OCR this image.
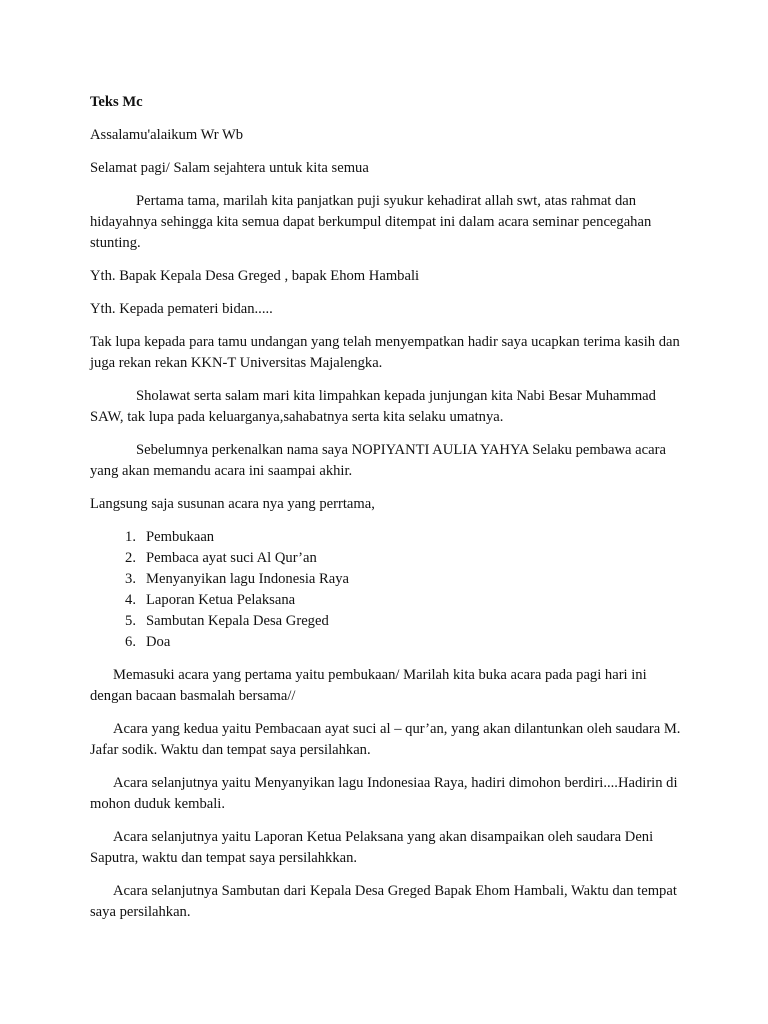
Teks Mc

Assalamu'alaikum Wr Wb

Selamat pagi/ Salam sejahtera untuk kita semua

Pertama tama, marilah kita panjatkan puji syukur kehadirat allah swt, atas rahmat dan hidayahnya sehingga kita semua dapat berkumpul ditempat ini dalam acara seminar pencegahan stunting.

Yth. Bapak Kepala Desa Greged , bapak Ehom Hambali

Yth. Kepada pemateri bidan.....

Tak lupa kepada para tamu undangan yang telah menyempatkan hadir saya ucapkan terima kasih dan juga rekan rekan KKN-T Universitas Majalengka.

Sholawat serta salam mari kita limpahkan kepada junjungan kita Nabi Besar Muhammad SAW, tak lupa pada keluarganya,sahabatnya serta kita selaku umatnya.

Sebelumnya perkenalkan nama saya NOPIYANTI AULIA YAHYA Selaku pembawa acara yang akan memandu acara ini saampai akhir.

Langsung saja susunan acara nya yang perrtama,

1. Pembukaan
2. Pembaca ayat suci Al Qur’an
3. Menyanyikan lagu Indonesia Raya
4. Laporan Ketua Pelaksana
5. Sambutan Kepala Desa Greged
6. Doa

Memasuki acara yang pertama yaitu pembukaan/ Marilah kita buka acara pada pagi hari ini dengan bacaan basmalah bersama//

Acara yang kedua yaitu Pembacaan ayat suci al – qur’an, yang akan dilantunkan oleh saudara M. Jafar sodik. Waktu dan tempat saya persilahkan.

Acara selanjutnya yaitu Menyanyikan lagu Indonesiaa Raya, hadiri dimohon berdiri....Hadirin di mohon duduk kembali.

Acara selanjutnya yaitu Laporan Ketua Pelaksana yang akan disampaikan oleh saudara Deni Saputra, waktu dan tempat saya persilahkkan.

Acara selanjutnya Sambutan dari Kepala Desa Greged Bapak Ehom Hambali, Waktu dan tempat saya persilahkan.
